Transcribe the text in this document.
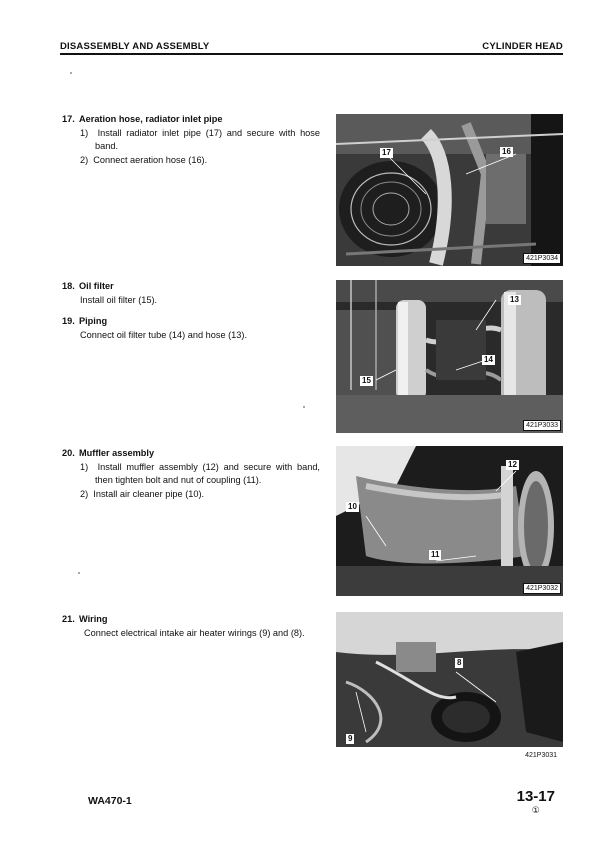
DISASSEMBLY AND ASSEMBLY	CYLINDER HEAD
17. Aeration hose, radiator inlet pipe
1) Install radiator inlet pipe (17) and secure with hose band.
2) Connect aeration hose (16).
18. Oil filter
Install oil filter (15).
19. Piping
Connect oil filter tube (14) and hose (13).
20. Muffler assembly
1) Install muffler assembly (12) and secure with band, then tighten bolt and nut of coupling (11).
2) Install air cleaner pipe (10).
21. Wiring
Connect electrical intake air heater wirings (9) and (8).
17	16
421P3034
13
14
15
421P3033
12
10
11
421P3032
8
9
421P3031
WA470-1	13-17
①
